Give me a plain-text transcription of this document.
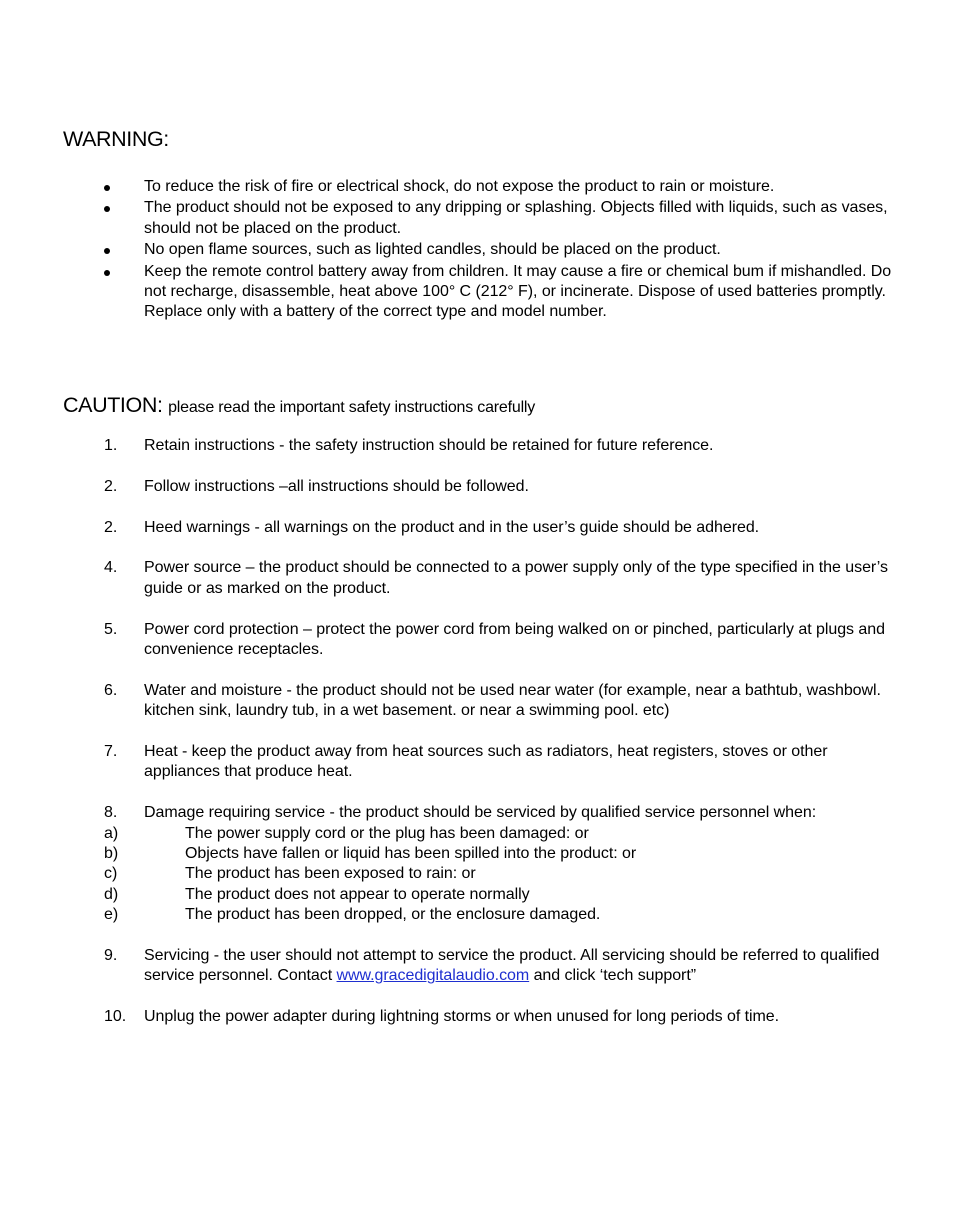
WARNING:
To reduce the risk of fire or electrical shock, do not expose the product to rain or moisture.
The product should not be exposed to any dripping or splashing. Objects filled with liquids, such as vases, should not be placed on the product.
No open flame sources, such as lighted candles, should be placed on the product.
Keep the remote control battery away from children. It may cause a fire or chemical bum if mishandled. Do not recharge, disassemble, heat above 100° C (212° F), or incinerate. Dispose of used batteries promptly. Replace only with a battery of the correct type and model number.
CAUTION: please read the important safety instructions carefully
1. Retain instructions - the safety instruction should be retained for future reference.
2. Follow instructions –all instructions should be followed.
2. Heed warnings - all warnings on the product and in the user’s guide should be adhered.
4. Power source – the product should be connected to a power supply only of the type specified in the user’s guide or as marked on the product.
5. Power cord protection – protect the power cord from being walked on or pinched, particularly at plugs and convenience receptacles.
6. Water and moisture - the product should not be used near water (for example, near a bathtub, washbowl. kitchen sink, laundry tub, in a wet basement. or near a swimming pool. etc)
7. Heat - keep the product away from heat sources such as radiators, heat registers, stoves or other appliances that produce heat.
8. Damage requiring service - the product should be serviced by qualified service personnel when:
a)	The power supply cord or the plug has been damaged: or
b)	Objects have fallen or liquid has been spilled into the product: or
c)	The product has been exposed to rain: or
d)	The product does not appear to operate normally
e)	The product has been dropped, or the enclosure damaged.
9. Servicing - the user should not attempt to service the product. All servicing should be referred to qualified service personnel. Contact www.gracedigitalaudio.com and click ‘tech support”
10. Unplug the power adapter during lightning storms or when unused for long periods of time.
